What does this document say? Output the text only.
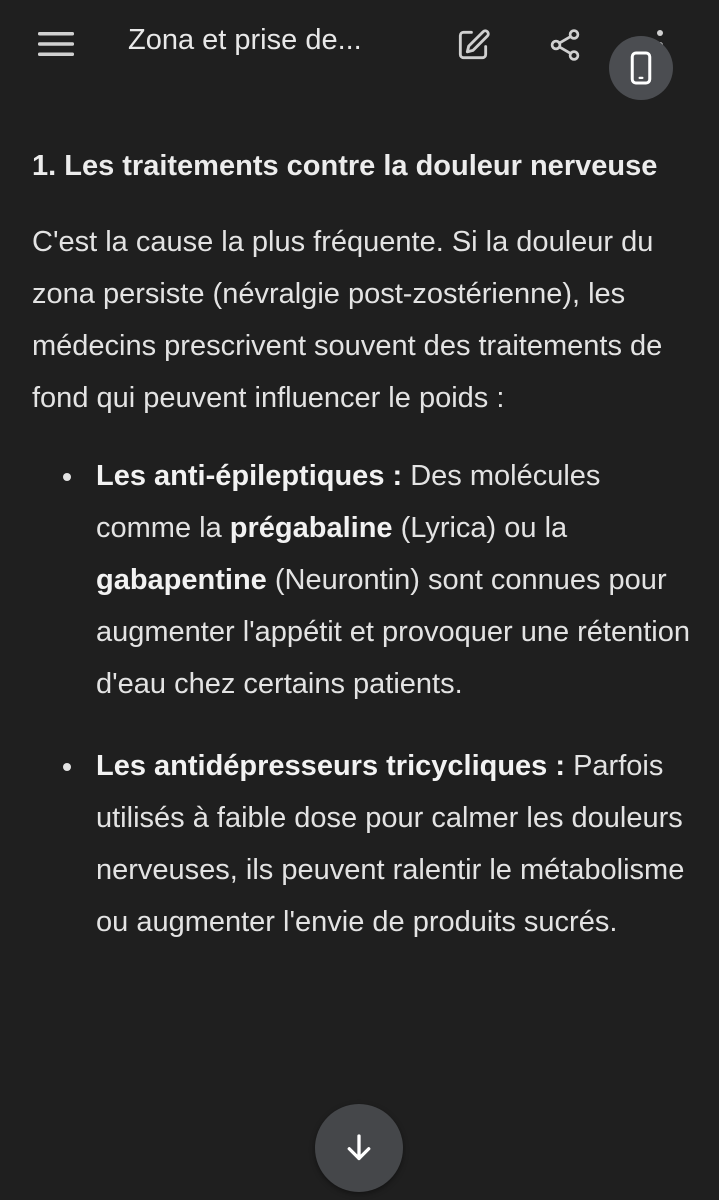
Zona et prise de...
1. Les traitements contre la douleur nerveuse

C'est la cause la plus fréquente. Si la douleur du zona persiste (névralgie post-zostérienne), les médecins prescrivent souvent des traitements de fond qui peuvent influencer le poids :

Les anti-épileptiques : Des molécules comme la prégabaline (Lyrica) ou la gabapentine (Neurontin) sont connues pour augmenter l'appétit et provoquer une rétention d'eau chez certains patients.
Les antidépresseurs tricycliques : Parfois utilisés à faible dose pour calmer les douleurs nerveuses, ils peuvent ralentir le métabolisme ou augmenter l'envie de produits sucrés.
